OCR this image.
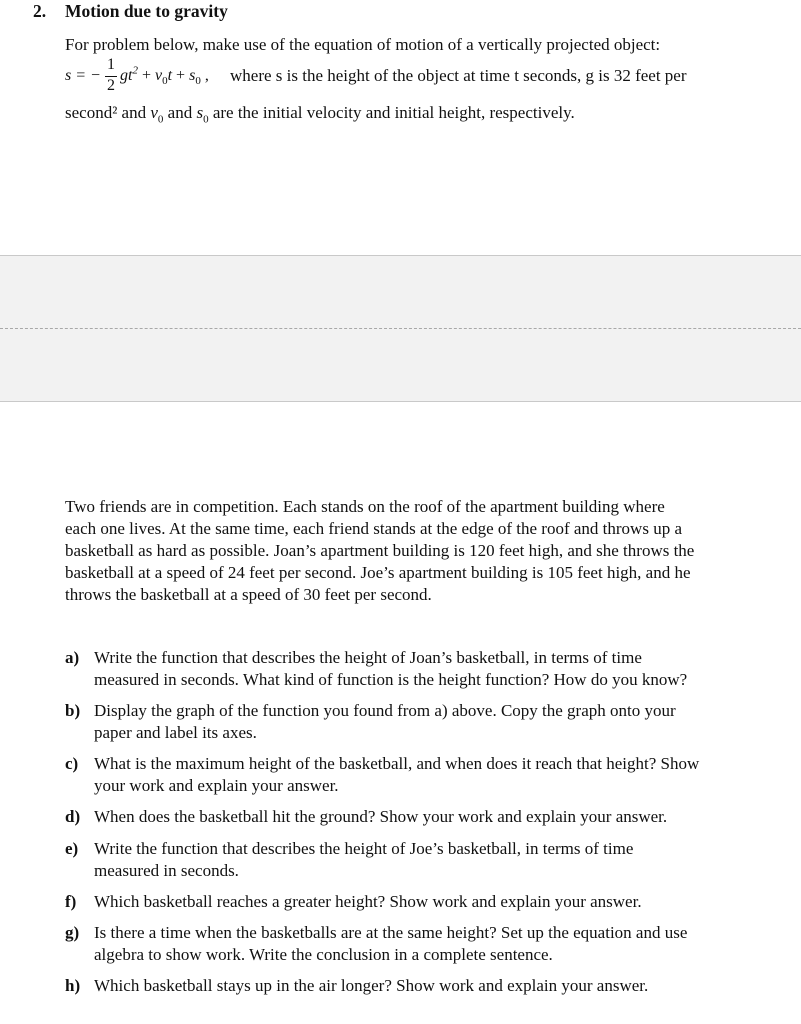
2. Motion due to gravity
For problem below, make use of the equation of motion of a vertically projected object:
s = −
1
2
$gt^2 + v_0t + s_0$ , where s is the height of the object at time t seconds, g is 32 feet per
second² and $v_0$ and $s_0$ are the initial velocity and initial height, respectively.
Two friends are in competition. Each stands on the roof of the apartment building where
each one lives. At the same time, each friend stands at the edge of the roof and throws up a
basketball as hard as possible. Joan’s apartment building is 120 feet high, and she throws the
basketball at a speed of 24 feet per second. Joe’s apartment building is 105 feet high, and he
throws the basketball at a speed of 30 feet per second.
a) Write the function that describes the height of Joan’s basketball, in terms of time
measured in seconds. What kind of function is the height function? How do you know?
b) Display the graph of the function you found from a) above. Copy the graph onto your
paper and label its axes.
c) What is the maximum height of the basketball, and when does it reach that height? Show
your work and explain your answer.
d) When does the basketball hit the ground? Show your work and explain your answer.
e) Write the function that describes the height of Joe’s basketball, in terms of time
measured in seconds.
f) Which basketball reaches a greater height? Show work and explain your answer.
g) Is there a time when the basketballs are at the same height? Set up the equation and use
algebra to show work. Write the conclusion in a complete sentence.
h) Which basketball stays up in the air longer? Show work and explain your answer.
